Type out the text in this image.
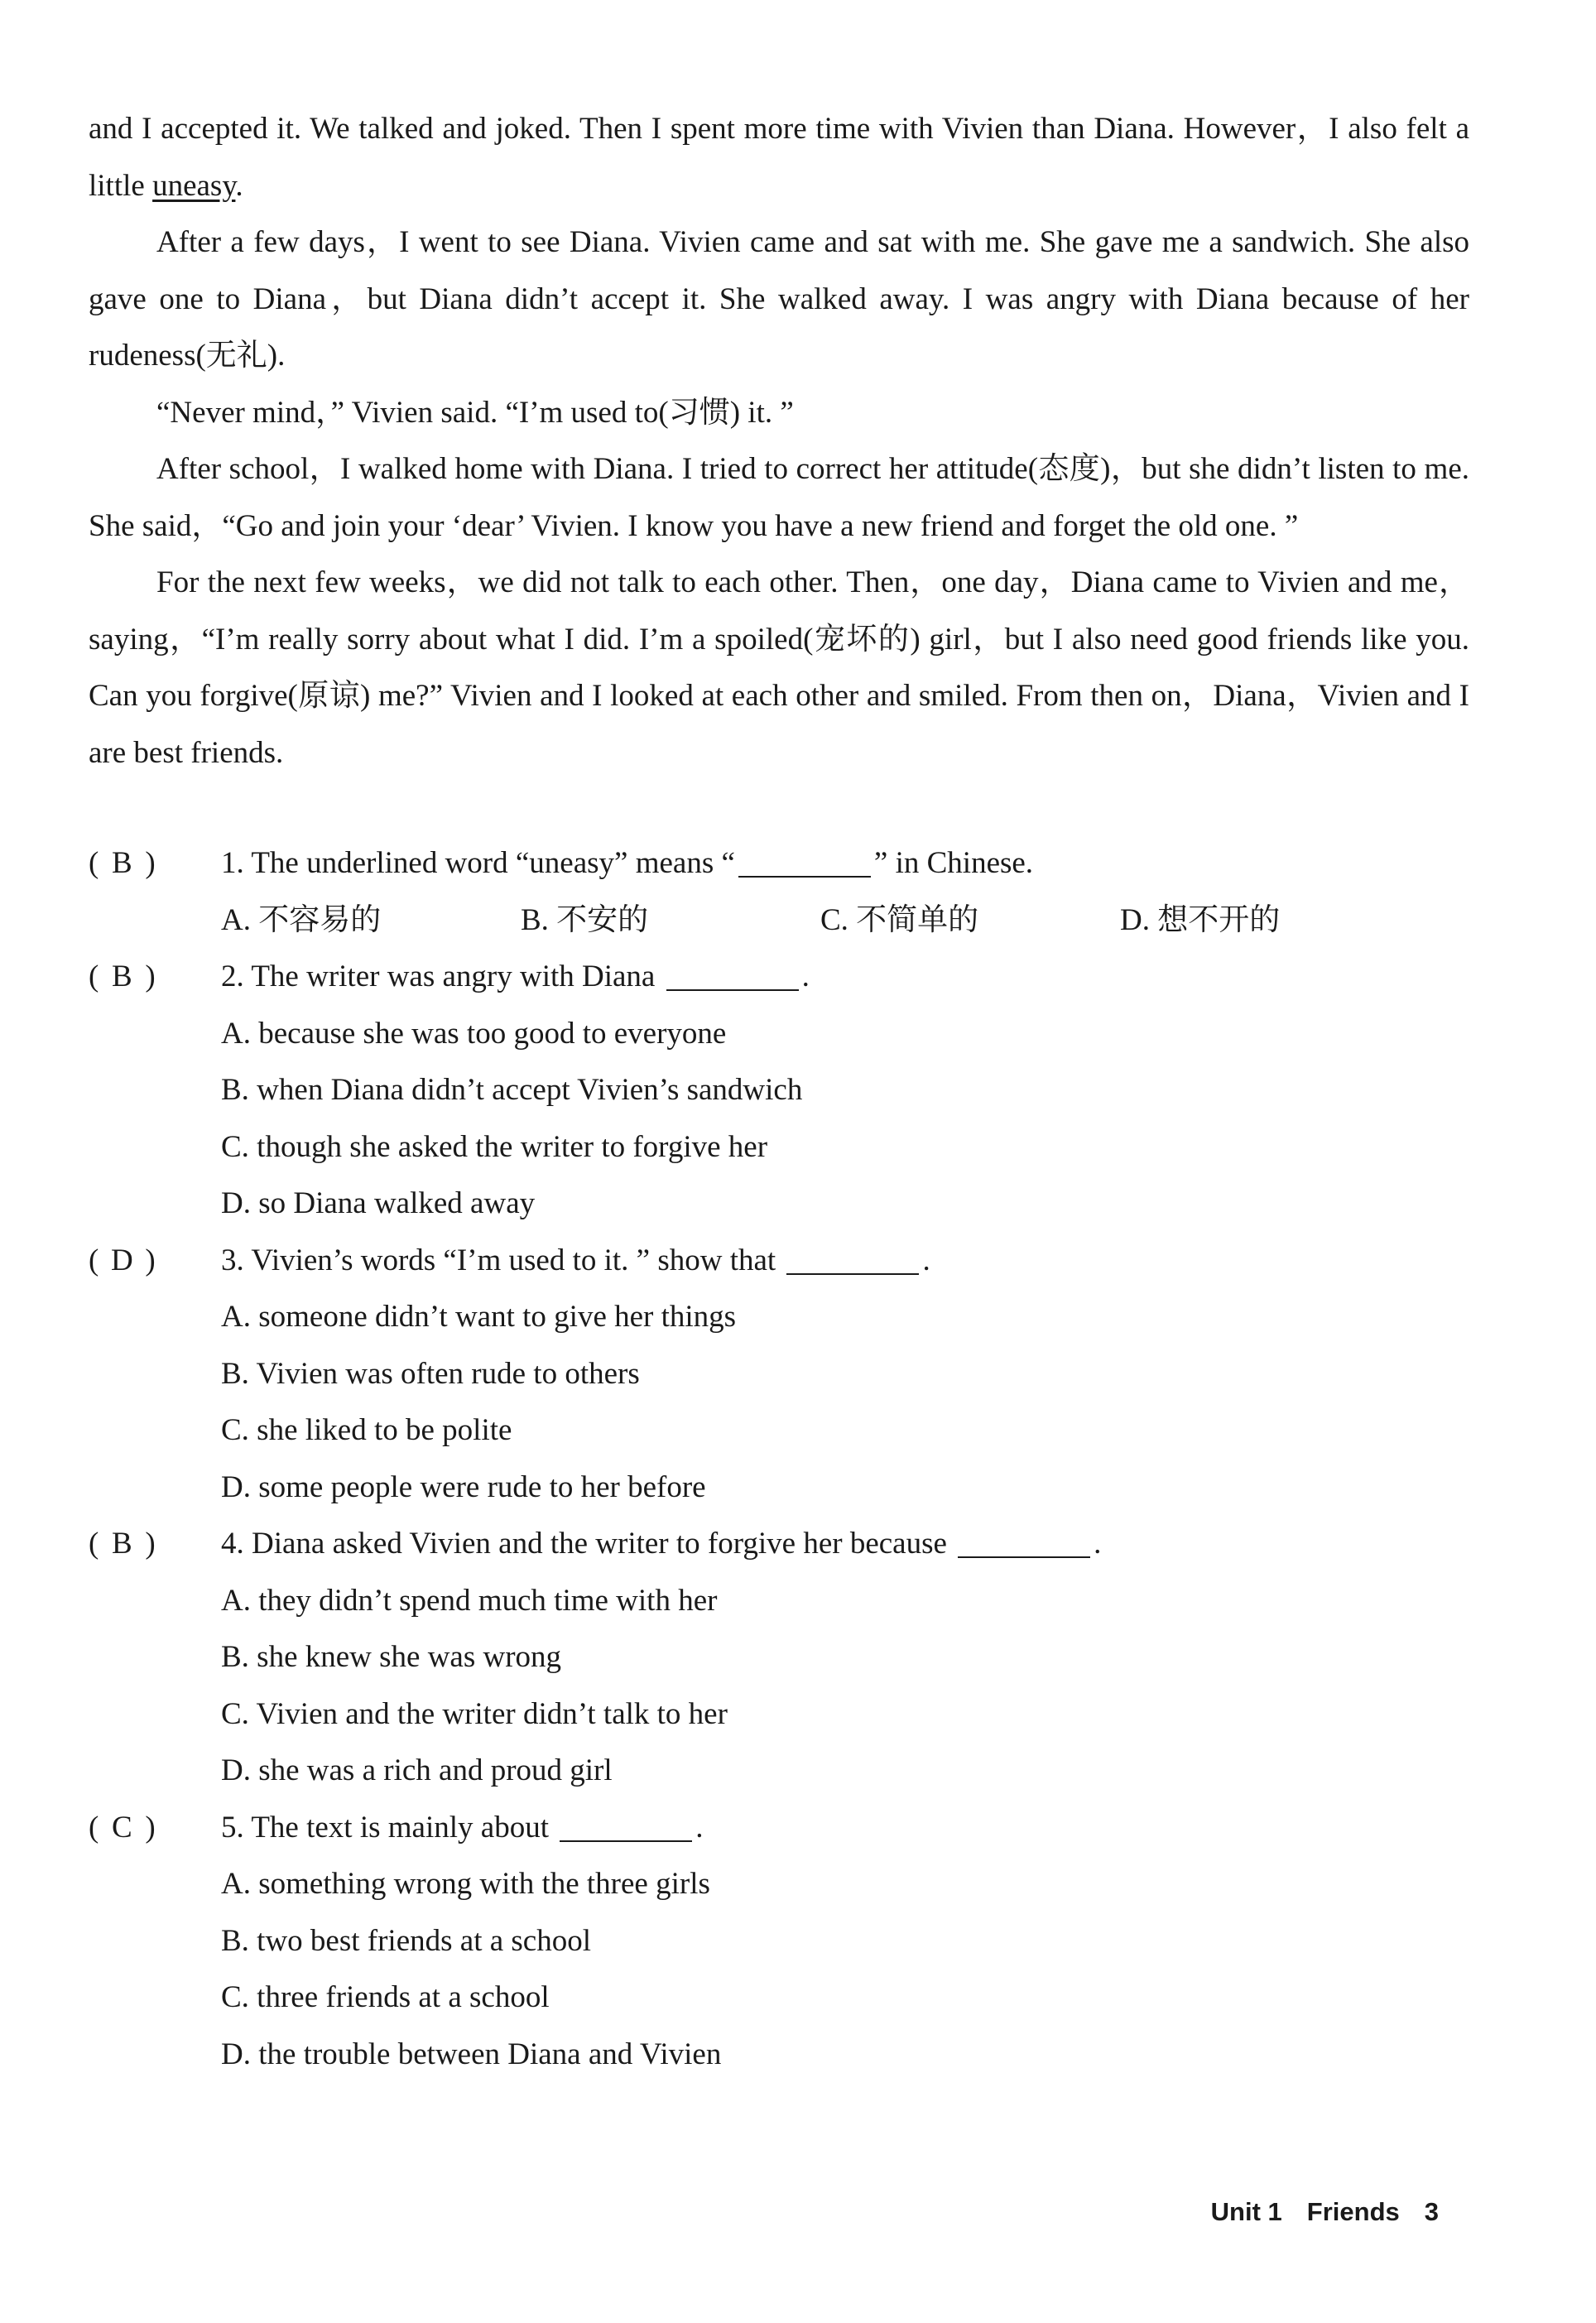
and I accepted it. We talked and joked. Then I spent more time with Vivien than Diana. However，I also felt a little uneasy.

After a few days，I went to see Diana. Vivien came and sat with me. She gave me a sandwich. She also gave one to Diana，but Diana didn’t accept it. She walked away. I was angry with Diana because of her rudeness(无礼).

“Never mind，” Vivien said. “I’m used to(习惯) it. ”

After school，I walked home with Diana. I tried to correct her attitude(态度)，but she didn’t listen to me. She said，“Go and join your ‘dear’ Vivien. I know you have a new friend and forget the old one. ”

For the next few weeks，we did not talk to each other. Then，one day，Diana came to Vivien and me，saying，“I’m really sorry about what I did. I’m a spoiled(宠坏的) girl，but I also need good friends like you. Can you forgive(原谅) me?” Vivien and I looked at each other and smiled. From then on，Diana，Vivien and I are best friends.

( B ) 1. The underlined word “uneasy” means “	” in Chinese.
A. 不容易的	B. 不安的	C. 不简单的	D. 想不开的
( B ) 2. The writer was angry with Diana	.
A. because she was too good to everyone
B. when Diana didn’t accept Vivien’s sandwich
C. though she asked the writer to forgive her
D. so Diana walked away
( D ) 3. Vivien’s words “I’m used to it. ” show that	.
A. someone didn’t want to give her things
B. Vivien was often rude to others
C. she liked to be polite
D. some people were rude to her before
( B ) 4. Diana asked Vivien and the writer to forgive her because	.
A. they didn’t spend much time with her
B. she knew she was wrong
C. Vivien and the writer didn’t talk to her
D. she was a rich and proud girl
( C ) 5. The text is mainly about	.
A. something wrong with the three girls
B. two best friends at a school
C. three friends at a school
D. the trouble between Diana and Vivien
Unit 1 Friends 3
